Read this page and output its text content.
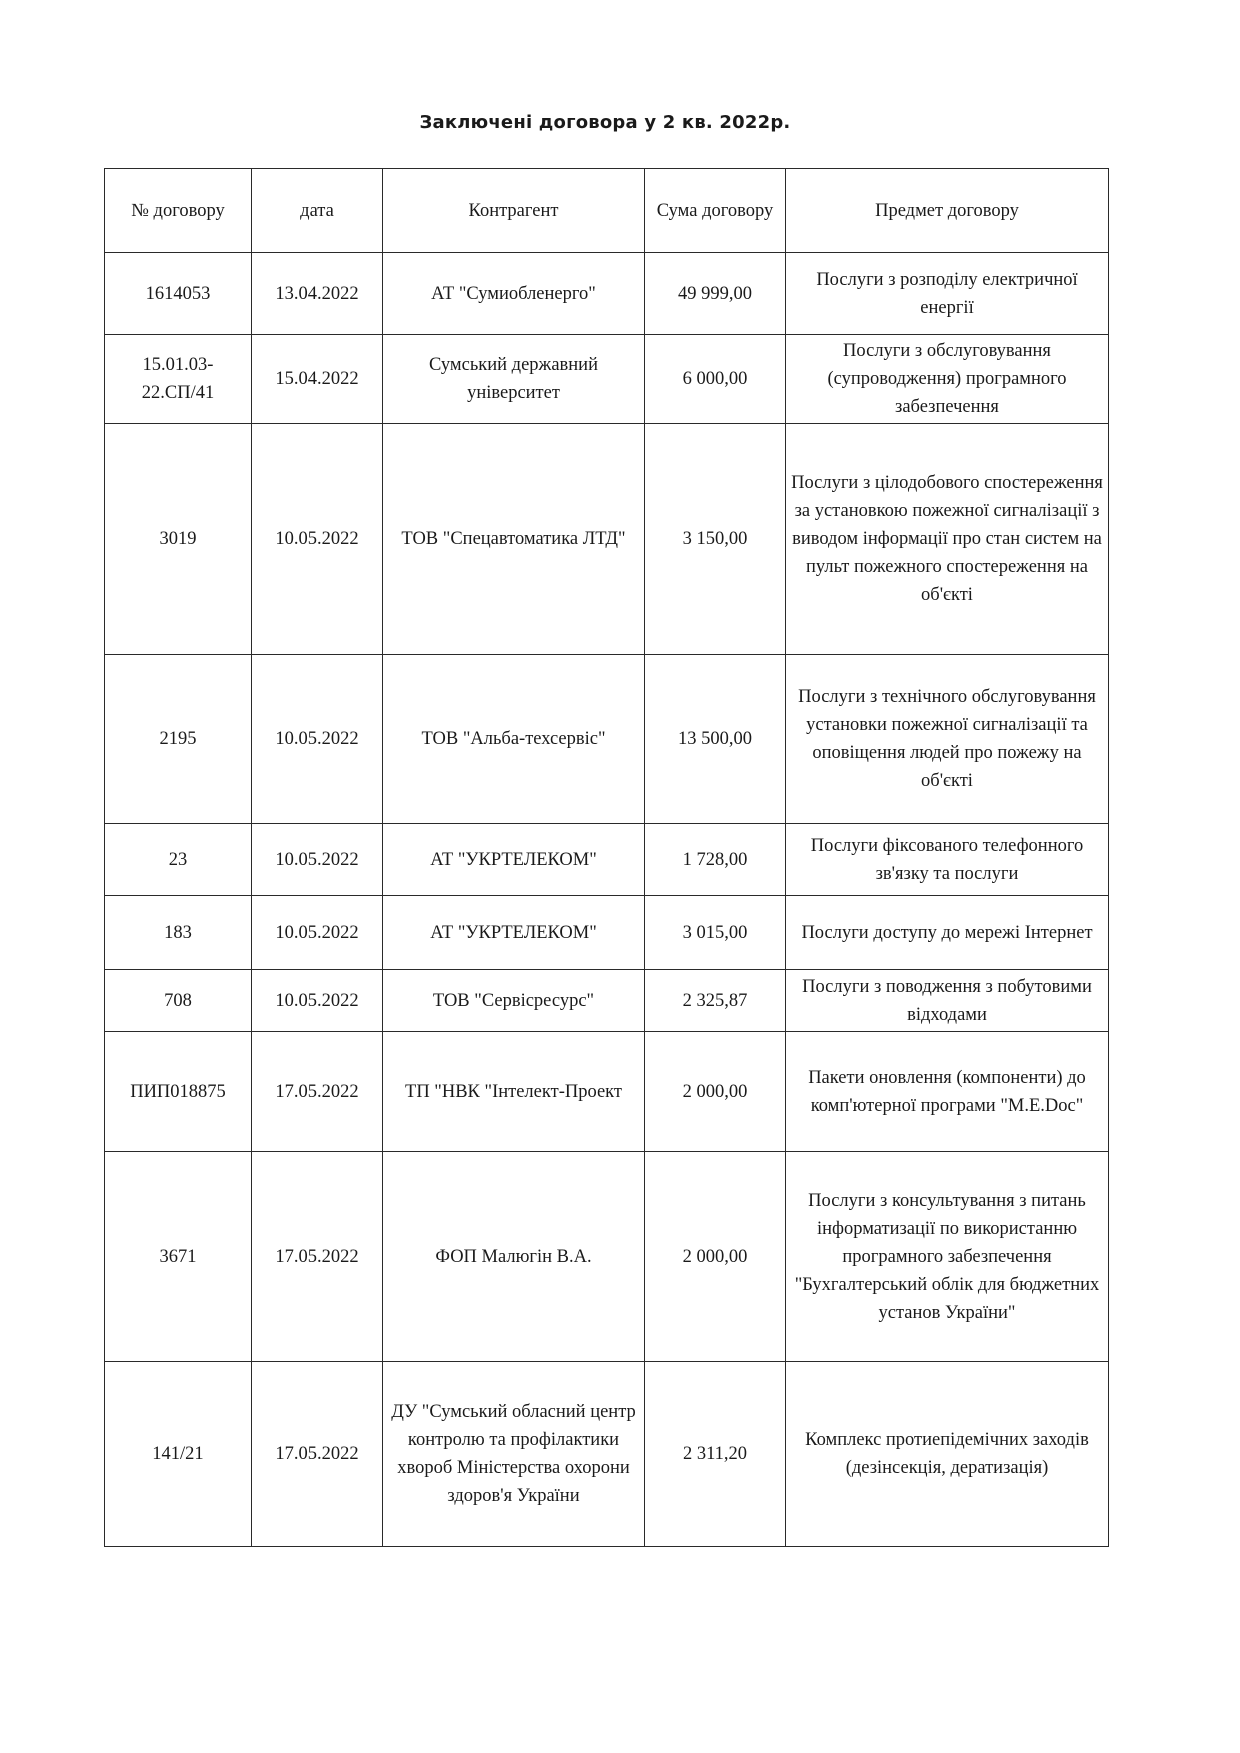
Заключені договора у 2 кв. 2022р.
№ договору	дата	Контрагент	Сума договору	Предмет договору
1614053	13.04.2022	АТ "Сумиобленерго"	49 999,00	Послуги з розподілу електричної енергії
15.01.03-22.СП/41	15.04.2022	Сумський державний університет	6 000,00	Послуги з обслуговування (супроводження) програмного забезпечення
3019	10.05.2022	ТОВ "Спецавтоматика ЛТД"	3 150,00	Послуги з цілодобового спостереження за установкою пожежної сигналізації з виводом інформації про стан систем на пульт пожежного спостереження на об'єкті
2195	10.05.2022	ТОВ "Альба-техсервіс"	13 500,00	Послуги з технічного обслуговування установки пожежної сигналізації та оповіщення людей про пожежу на об'єкті
23	10.05.2022	АТ "УКРТЕЛЕКОМ"	1 728,00	Послуги фіксованого телефонного зв'язку та послуги

183	10.05.2022	АТ "УКРТЕЛЕКОМ"	3 015,00	Послуги доступу до мережі Інтернет
708	10.05.2022	ТОВ "Сервісресурс"	2 325,87	Послуги з поводження з побутовими відходами
ПИП018875	17.05.2022	ТП "НВК "Інтелект-Проект	2 000,00	Пакети оновлення (компоненти) до комп'ютерної програми "M.E.Doc"
3671	17.05.2022	ФОП Малюгін В.А.	2 000,00	Послуги з консультування з питань інформатизації по використанню програмного забезпечення "Бухгалтерський облік для бюджетних установ України"
141/21	17.05.2022	ДУ "Сумський обласний центр контролю та профілактики хвороб Міністерства охорони здоров'я України	2 311,20	Комплекс протиепідемічних заходів (дезінсекція, дератизація)
